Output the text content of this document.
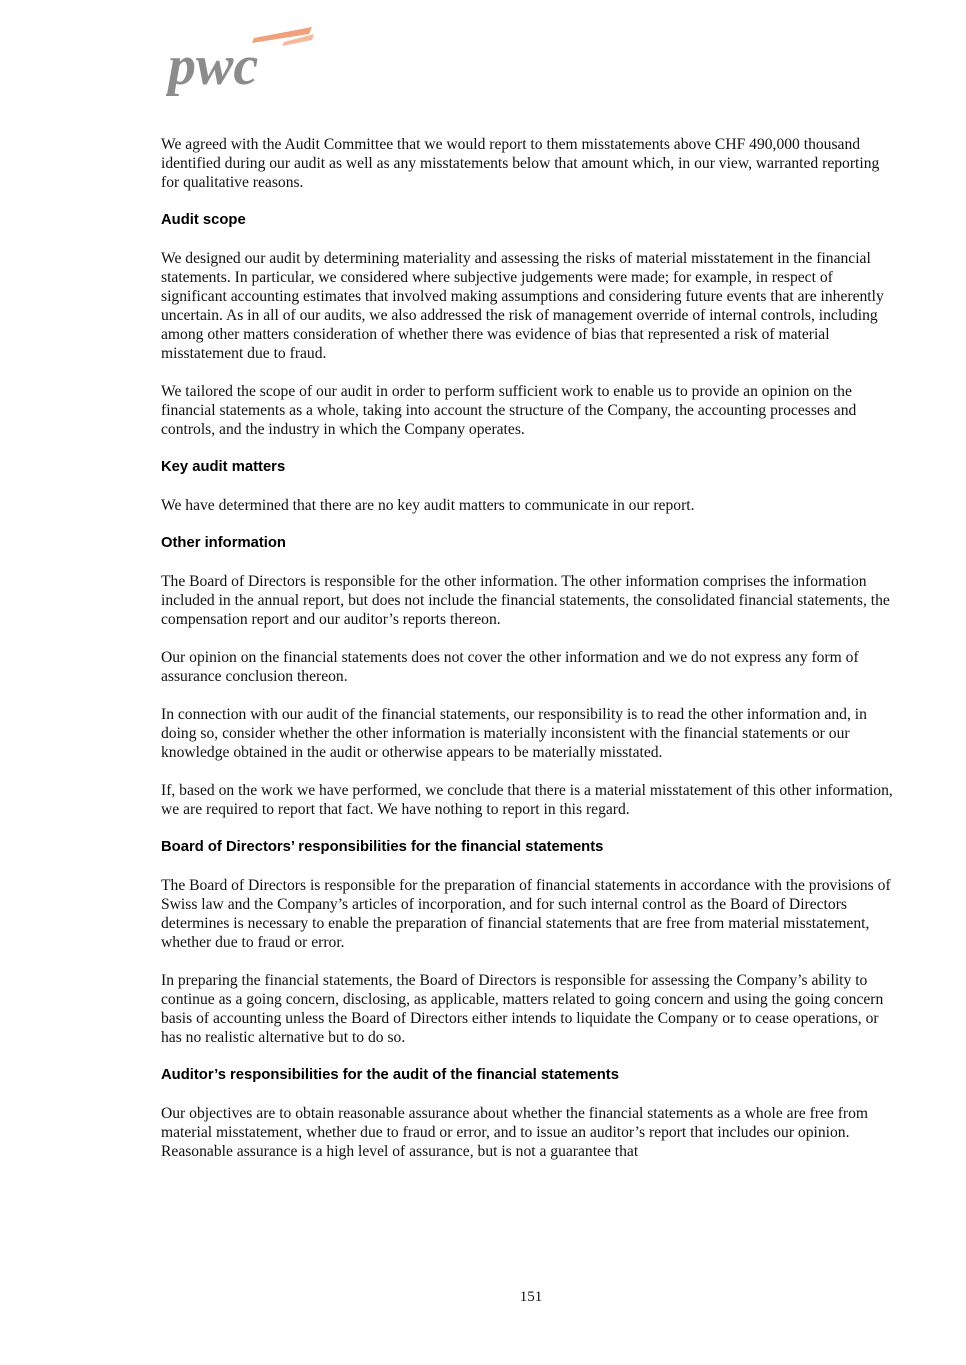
pwc

We agreed with the Audit Committee that we would report to them misstatements above CHF 490,000 thousand identified during our audit as well as any misstatements below that amount which, in our view, warranted reporting for qualitative reasons.

Audit scope

We designed our audit by determining materiality and assessing the risks of material misstatement in the financial statements. In particular, we considered where subjective judgements were made; for example, in respect of significant accounting estimates that involved making assumptions and considering future events that are inherently uncertain. As in all of our audits, we also addressed the risk of management override of internal controls, including among other matters consideration of whether there was evidence of bias that represented a risk of material misstatement due to fraud.

We tailored the scope of our audit in order to perform sufficient work to enable us to provide an opinion on the financial statements as a whole, taking into account the structure of the Company, the accounting processes and controls, and the industry in which the Company operates.

Key audit matters

We have determined that there are no key audit matters to communicate in our report.

Other information

The Board of Directors is responsible for the other information. The other information comprises the information included in the annual report, but does not include the financial statements, the consolidated financial statements, the compensation report and our auditor’s reports thereon.

Our opinion on the financial statements does not cover the other information and we do not express any form of assurance conclusion thereon.

In connection with our audit of the financial statements, our responsibility is to read the other information and, in doing so, consider whether the other information is materially inconsistent with the financial statements or our knowledge obtained in the audit or otherwise appears to be materially misstated.

If, based on the work we have performed, we conclude that there is a material misstatement of this other information, we are required to report that fact. We have nothing to report in this regard.

Board of Directors’ responsibilities for the financial statements

The Board of Directors is responsible for the preparation of financial statements in accordance with the provisions of Swiss law and the Company’s articles of incorporation, and for such internal control as the Board of Directors determines is necessary to enable the preparation of financial statements that are free from material misstatement, whether due to fraud or error.

In preparing the financial statements, the Board of Directors is responsible for assessing the Company’s ability to continue as a going concern, disclosing, as applicable, matters related to going concern and using the going concern basis of accounting unless the Board of Directors either intends to liquidate the Company or to cease operations, or has no realistic alternative but to do so.

Auditor’s responsibilities for the audit of the financial statements

Our objectives are to obtain reasonable assurance about whether the financial statements as a whole are free from material misstatement, whether due to fraud or error, and to issue an auditor’s report that includes our opinion. Reasonable assurance is a high level of assurance, but is not a guarantee that

151
